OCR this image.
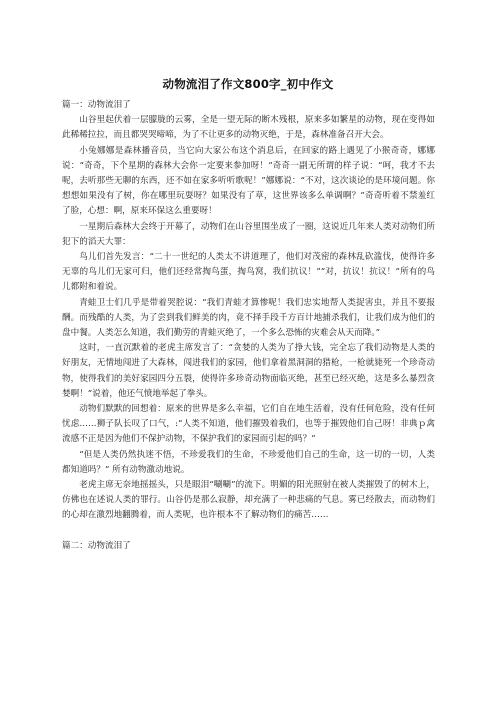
动物流泪了作文800字_初中作文

篇一：动物流泪了

山谷里起伏着一层朦胧的云雾，全是一望无际的断木残根，原来多如繁星的动物，现在变得如此稀稀拉拉，而且都哭哭啼啼，为了不让更多的动物灭绝，于是，森林准备召开大会。

小兔娜娜是森林播音员，当它向大家公布这个消息后，在回家的路上遇见了小猴奇奇，娜娜说：“奇奇，下个星期的森林大会你一定要来参加呀！”奇奇一副无所谓的样子说：“呵，我才不去呢，去听那些无聊的东西，还不如在家多听听歌呢！”娜娜说：“不对，这次谈论的是环境问题。你想想如果没有了树，你在哪里玩耍呀？如果没有了草，这世界该多么单调啊？”奇奇听着不禁羞红了脸，心想：啊，原来环保这么重要呀！

一星期后森林大会终于开幕了，动物们在山谷里围坐成了一圈，这说近几年来人类对动物们所犯下的滔天大罪：

鸟儿们首先发言：“二十一世纪的人类太不讲道理了，他们对茂密的森林乱砍滥伐，使得许多无辜的鸟儿们无家可归，他们还经常掏鸟蛋，掏鸟窝，我们抗议！”“对，抗议！抗议！”所有的鸟儿都附和着说。

青蛙卫士们几乎是带着哭腔说：“我们青蛙才算惨呢！我们忠实地帮人类捉害虫，并且不要报酬。而残酷的人类，为了尝到我们鲜美的肉，竟不择手段千方百计地捕杀我们，让我们成为他们的盘中餐。人类怎么知道，我们勤劳的青蛙灭绝了，一个多么恐怖的灾难会从天而降。”

这时，一直沉默着的老虎主席发言了：“贪婪的人类为了挣大钱，完全忘了我们动物是人类的好朋友，无情地闯进了大森林，闯进我们的家园，他们拿着黑洞洞的猎枪，一枪就毙死一个珍奇动物，使得我们的美好家园四分五裂，使得许多珍奇动物面临灭绝，甚至已经灭绝，这是多么暴烈贪婪啊！”说着，他还气愤地举起了拳头。

动物们默默的回想着：原来的世界是多么幸福，它们自在地生活着，没有任何危险，没有任何忧虑……狮子队长叹了口气，:“人类不知道，他们摧毁着我们，也等于摧毁他们自己呀！非典ｐ禽流感不正是因为他们不保护动物，不保护我们的家园而引起的吗？”

“但是人类仍然执迷不悟，不珍爱我们的生命，不珍爱他们自己的生命，这一切的一切，人类都知道吗？” 所有动物激动地说。

老虎主席无奈地摇摇头，只是眼泪“唰唰”的流下。明媚的阳光照射在被人类摧毁了的树木上，仿佛也在述说人类的罪行。山谷仍是那么寂静，却充满了一种悲痛的气息。雾已经散去，而动物们的心却在激烈地翻腾着，而人类呢，也许根本不了解动物们的痛苦……

篇二：动物流泪了
